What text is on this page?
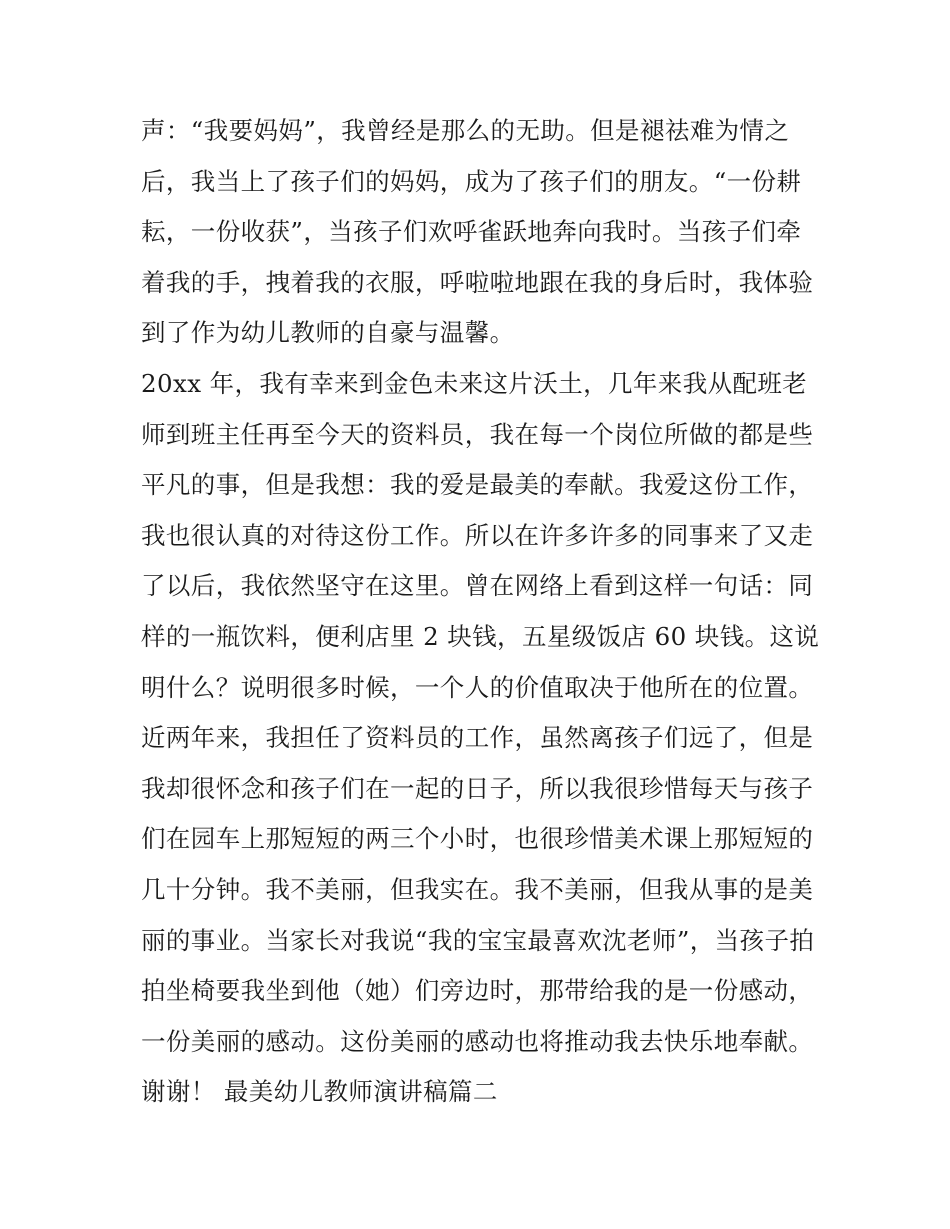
声：“我要妈妈”，我曾经是那么的无助。但是褪祛难为情之
后，我当上了孩子们的妈妈，成为了孩子们的朋友。“一份耕
耘，一份收获”，当孩子们欢呼雀跃地奔向我时。当孩子们牵
着我的手，拽着我的衣服，呼啦啦地跟在我的身后时，我体验
到了作为幼儿教师的自豪与温馨。
20xx 年，我有幸来到金色未来这片沃土，几年来我从配班老
师到班主任再至今天的资料员，我在每一个岗位所做的都是些
平凡的事，但是我想：我的爱是最美的奉献。我爱这份工作，
我也很认真的对待这份工作。所以在许多许多的同事来了又走
了以后，我依然坚守在这里。曾在网络上看到这样一句话：同
样的一瓶饮料，便利店里 2 块钱，五星级饭店 60 块钱。这说
明什么？说明很多时候，一个人的价值取决于他所在的位置。
近两年来，我担任了资料员的工作，虽然离孩子们远了，但是
我却很怀念和孩子们在一起的日子，所以我很珍惜每天与孩子
们在园车上那短短的两三个小时，也很珍惜美术课上那短短的
几十分钟。我不美丽，但我实在。我不美丽，但我从事的是美
丽的事业。当家长对我说“我的宝宝最喜欢沈老师”，当孩子拍
拍坐椅要我坐到他（她）们旁边时，那带给我的是一份感动，
一份美丽的感动。这份美丽的感动也将推动我去快乐地奉献。
谢谢！ 最美幼儿教师演讲稿篇二
